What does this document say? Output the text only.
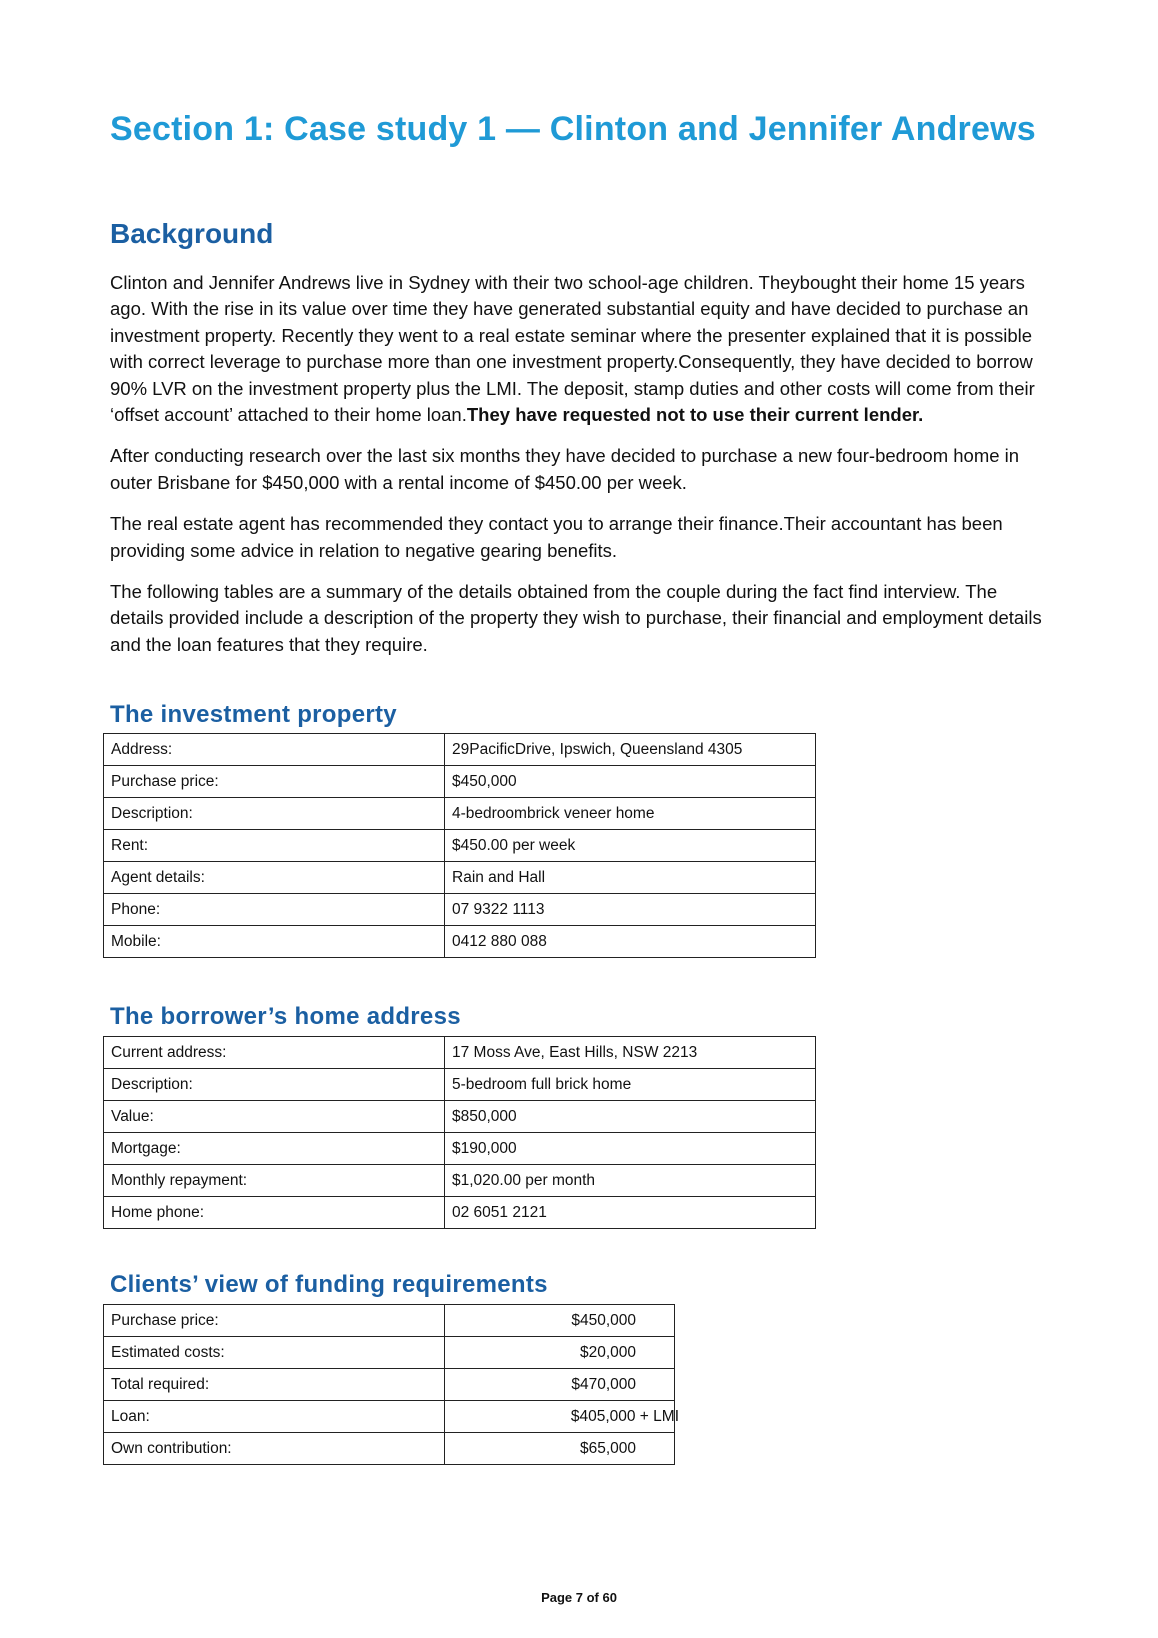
Section 1: Case study 1 — Clinton and Jennifer Andrews
Background

Clinton and Jennifer Andrews live in Sydney with their two school-age children. Theybought their home 15 years ago. With the rise in its value over time they have generated substantial equity and have decided to purchase an investment property. Recently they went to a real estate seminar where the presenter explained that it is possible with correct leverage to purchase more than one investment property.Consequently, they have decided to borrow 90% LVR on the investment property plus the LMI. The deposit, stamp duties and other costs will come from their ‘offset account’ attached to their home loan.They have requested not to use their current lender.

After conducting research over the last six months they have decided to purchase a new four-bedroom home in outer Brisbane for $450,000 with a rental income of $450.00 per week.

The real estate agent has recommended they contact you to arrange their finance.Their accountant has been providing some advice in relation to negative gearing benefits.

The following tables are a summary of the details obtained from the couple during the fact find interview. The details provided include a description of the property they wish to purchase, their financial and employment details and the loan features that they require.

The investment property
Address:	29PacificDrive, Ipswich, Queensland 4305
Purchase price:	$450,000
Description:	4-bedroombrick veneer home
Rent:	$450.00 per week
Agent details:	Rain and Hall
Phone:	07 9322 1113
Mobile:	0412 880 088
The borrower’s home address
Current address:	17 Moss Ave, East Hills, NSW 2213
Description:	5-bedroom full brick home
Value:	$850,000
Mortgage:	$190,000
Monthly repayment:	$1,020.00 per month
Home phone:	02 6051 2121
Clients’ view of funding requirements
Purchase price:	$450,000
Estimated costs:	$20,000
Total required:	$470,000
Loan:	$405,000 + LMI
Own contribution:	$65,000
Page 7 of 60
